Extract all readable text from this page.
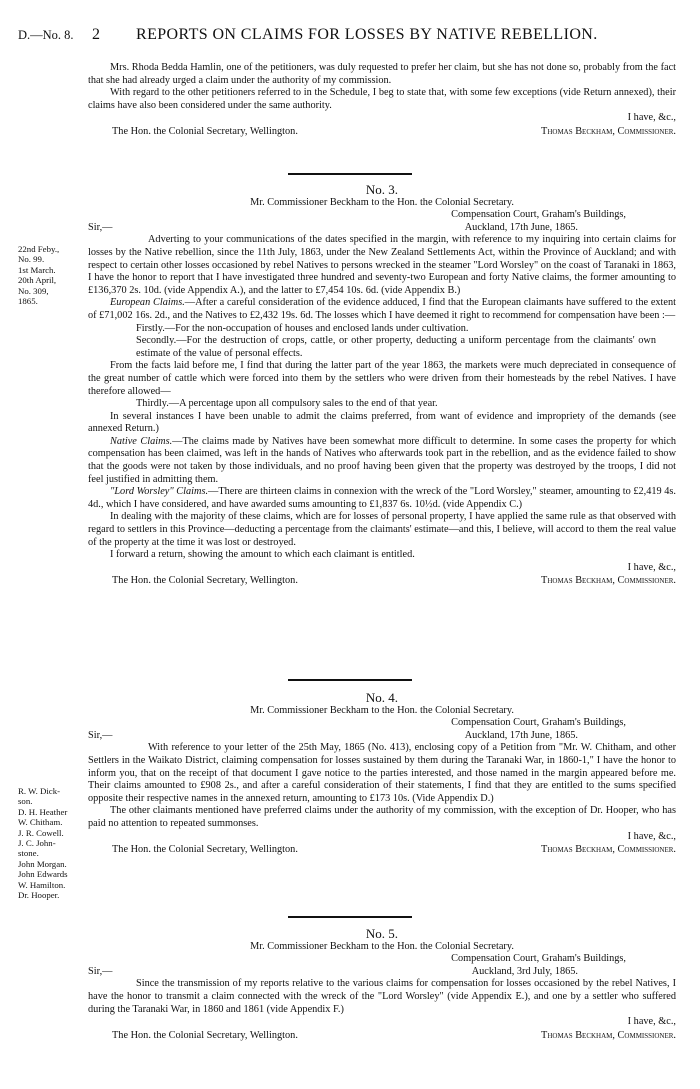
D.—No. 8. 2 REPORTS ON CLAIMS FOR LOSSES BY NATIVE REBELLION.

Mrs. Rhoda Bedda Hamlin, one of the petitioners, was duly requested to prefer her claim, but she has not done so, probably from the fact that she had already urged a claim under the authority of my commission.

With regard to the other petitioners referred to in the Schedule, I beg to state that, with some few exceptions (vide Return annexed), their claims have also been considered under the same authority.

I have, &c.,

The Hon. the Colonial Secretary, Wellington.	Thomas Beckham, Commissioner.

No. 3.

Mr. Commissioner Beckham to the Hon. the Colonial Secretary.

Compensation Court, Graham's Buildings,

Sir,—	Auckland, 17th June, 1865.

Adverting to your communications of the dates specified in the margin, with reference to my inquiring into certain claims for losses by the Native rebellion, since the 11th July, 1863, under the New Zealand Settlements Act, within the Province of Auckland; and with respect to certain other losses occasioned by rebel Natives to persons wrecked in the steamer "Lord Worsley" on the coast of Taranaki in 1863, I have the honor to report that I have investigated three hundred and seventy-two European and forty Native claims, the former amounting to £136,370 2s. 10d. (vide Appendix A.), and the latter to £7,454 10s. 6d. (vide Appendix B.)

European Claims.—After a careful consideration of the evidence adduced, I find that the European claimants have suffered to the extent of £71,002 16s. 2d., and the Natives to £2,432 19s. 6d. The losses which I have deemed it right to recommend for compensation have been :—

Firstly.—For the non-occupation of houses and enclosed lands under cultivation.

Secondly.—For the destruction of crops, cattle, or other property, deducting a uniform percentage from the claimants' own estimate of the value of personal effects.

From the facts laid before me, I find that during the latter part of the year 1863, the markets were much depreciated in consequence of the great number of cattle which were forced into them by the settlers who were driven from their homesteads by the rebel Natives. I have therefore allowed—

Thirdly.—A percentage upon all compulsory sales to the end of that year.

In several instances I have been unable to admit the claims preferred, from want of evidence and impropriety of the demands (see annexed Return.)

Native Claims.—The claims made by Natives have been somewhat more difficult to determine. In some cases the property for which compensation has been claimed, was left in the hands of Natives who afterwards took part in the rebellion, and as the evidence failed to show that the goods were not taken by those individuals, and no proof having been given that the property was destroyed by the troops, I did not feel justified in admitting them.

"Lord Worsley" Claims.—There are thirteen claims in connexion with the wreck of the "Lord Worsley," steamer, amounting to £2,419 4s. 4d., which I have considered, and have awarded sums amounting to £1,837 6s. 10½d. (vide Appendix C.)

In dealing with the majority of these claims, which are for losses of personal property, I have applied the same rule as that observed with regard to settlers in this Province—deducting a percentage from the claimants' estimate—and this, I believe, will accord to them the real value of the property at the time it was lost or destroyed.

I forward a return, showing the amount to which each claimant is entitled.

I have, &c.,

The Hon. the Colonial Secretary, Wellington.	Thomas Beckham, Commissioner.
22nd Feby.,
No. 99.
1st March.
20th April,
No. 309,
1865.

No. 4.

Mr. Commissioner Beckham to the Hon. the Colonial Secretary.

Compensation Court, Graham's Buildings,

Sir,—	Auckland, 17th June, 1865.

With reference to your letter of the 25th May, 1865 (No. 413), enclosing copy of a Petition from "Mr. W. Chitham, and other Settlers in the Waikato District, claiming compensation for losses sustained by them during the Taranaki War, in 1860-1," I have the honor to inform you, that on the receipt of that document I gave notice to the parties interested, and those named in the margin appeared before me. Their claims amounted to £908 2s., and after a careful consideration of their statements, I find that they are entitled to the sums specified opposite their respective names in the annexed return, amounting to £173 10s. (Vide Appendix D.)

The other claimants mentioned have preferred claims under the authority of my commission, with the exception of Dr. Hooper, who has paid no attention to repeated summonses.

I have, &c.,

The Hon. the Colonial Secretary, Wellington.	Thomas Beckham, Commissioner.
R. W. Dick-
son.
D. H. Heather
W. Chitham.
J. R. Cowell.
J. C. John-
stone.
John Morgan.
John Edwards
W. Hamilton.
Dr. Hooper.

No. 5.

Mr. Commissioner Beckham to the Hon. the Colonial Secretary.

Compensation Court, Graham's Buildings,

Sir,—	Auckland, 3rd July, 1865.

Since the transmission of my reports relative to the various claims for compensation for losses occasioned by the rebel Natives, I have the honor to transmit a claim connected with the wreck of the "Lord Worsley" (vide Appendix E.), and one by a settler who suffered during the Taranaki War, in 1860 and 1861 (vide Appendix F.)

I have, &c.,

The Hon. the Colonial Secretary, Wellington.	Thomas Beckham, Commissioner.
